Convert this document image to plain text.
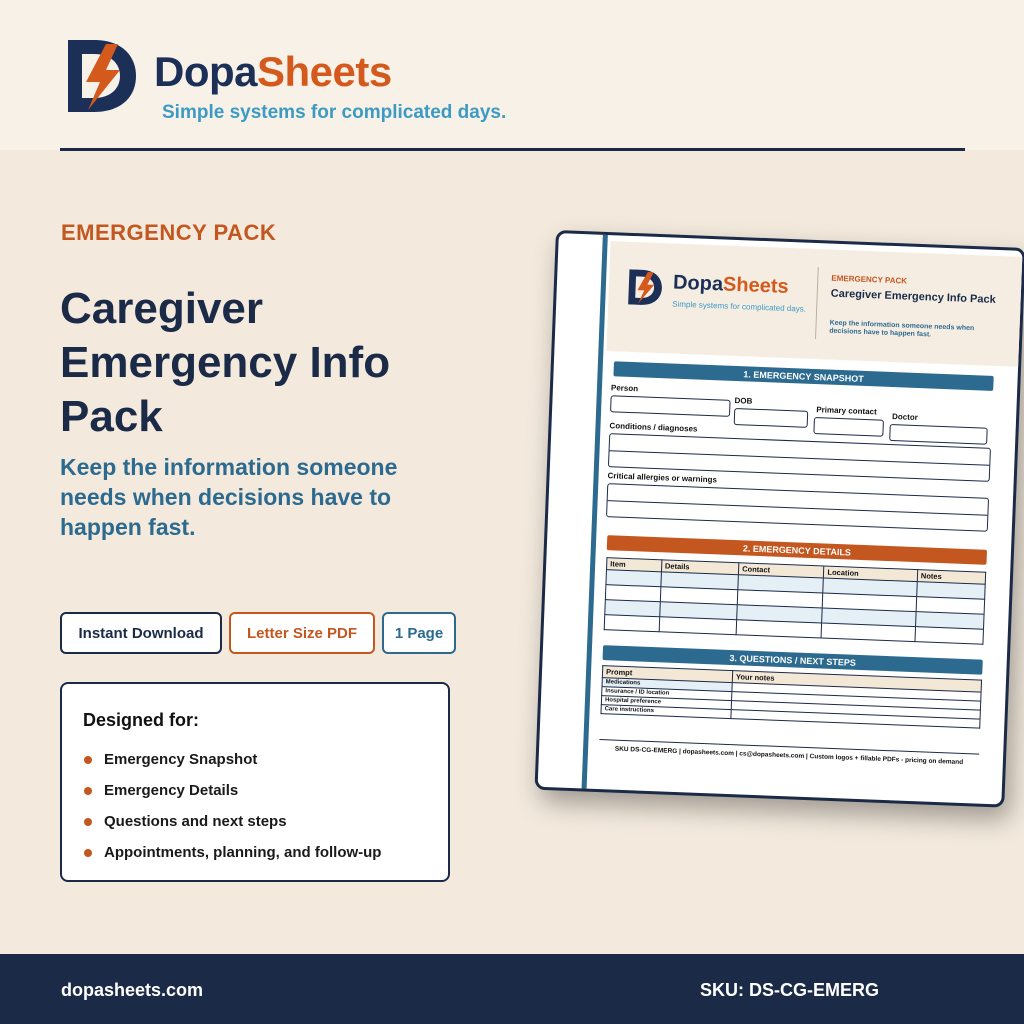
DopaSheets
Simple systems for complicated days.
EMERGENCY PACK
Caregiver Emergency Info Pack
Keep the information someone needs when decisions have to happen fast.
Instant Download	Letter Size PDF	1 Page
Designed for:
Emergency Snapshot
Emergency Details
Questions and next steps
Appointments, planning, and follow-up
DopaSheets
Simple systems for complicated days.
EMERGENCY PACK
Caregiver Emergency Info Pack
Keep the information someone needs when decisions have to happen fast.
1. EMERGENCY SNAPSHOT
Person
DOB
Primary contact
Doctor
Conditions / diagnoses
Critical allergies or warnings
2. EMERGENCY DETAILS
Item	Details	Contact	Location	Notes

3. QUESTIONS / NEXT STEPS
Prompt	Your notes
Medications	
Insurance / ID location	
Hospital preference	
Care instructions	
SKU DS-CG-EMERG | dopasheets.com | cs@dopasheets.com | Custom logos + fillable PDFs - pricing on demand
dopasheets.com	SKU: DS-CG-EMERG
